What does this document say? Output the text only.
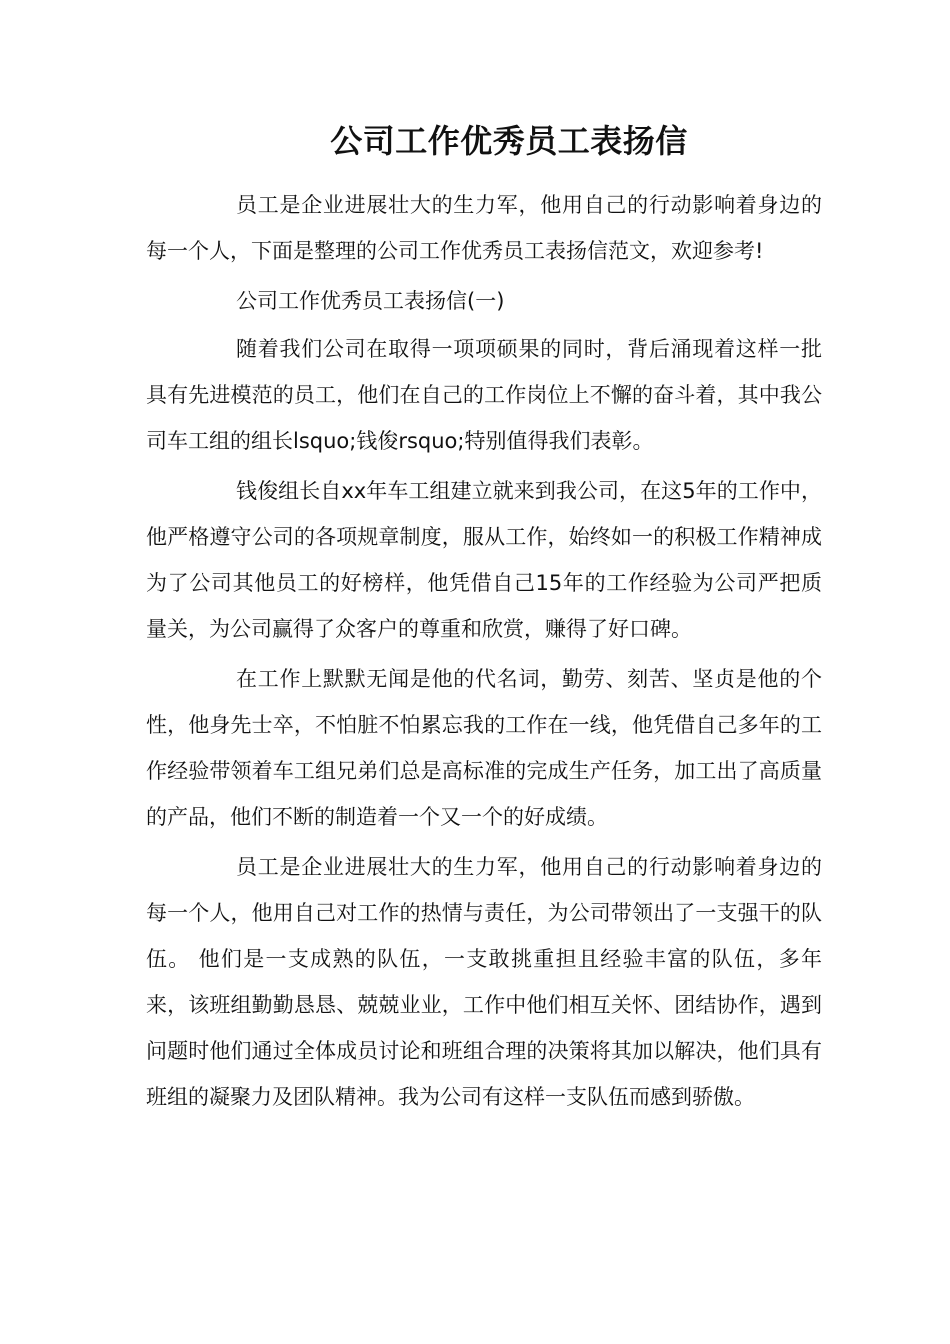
公司工作优秀员工表扬信

员工是企业进展壮大的生力军，他用自己的行动影响着身边的每一个人，下面是整理的公司工作优秀员工表扬信范文，欢迎参考!

公司工作优秀员工表扬信(一)

随着我们公司在取得一项项硕果的同时，背后涌现着这样一批具有先进模范的员工，他们在自己的工作岗位上不懈的奋斗着，其中我公司车工组的组长lsquo;钱俊rsquo;特别值得我们表彰。

钱俊组长自xx年车工组建立就来到我公司，在这5年的工作中，他严格遵守公司的各项规章制度，服从工作，始终如一的积极工作精神成为了公司其他员工的好榜样，他凭借自己15年的工作经验为公司严把质量关，为公司赢得了众客户的尊重和欣赏，赚得了好口碑。

在工作上默默无闻是他的代名词，勤劳、刻苦、坚贞是他的个性，他身先士卒，不怕脏不怕累忘我的工作在一线，他凭借自己多年的工作经验带领着车工组兄弟们总是高标准的完成生产任务，加工出了高质量的产品，他们不断的制造着一个又一个的好成绩。

员工是企业进展壮大的生力军，他用自己的行动影响着身边的每一个人，他用自己对工作的热情与责任，为公司带领出了一支强干的队伍。 他们是一支成熟的队伍，一支敢挑重担且经验丰富的队伍，多年来，该班组勤勤恳恳、兢兢业业，工作中他们相互关怀、团结协作，遇到问题时他们通过全体成员讨论和班组合理的决策将其加以解决，他们具有班组的凝聚力及团队精神。我为公司有这样一支队伍而感到骄傲。
